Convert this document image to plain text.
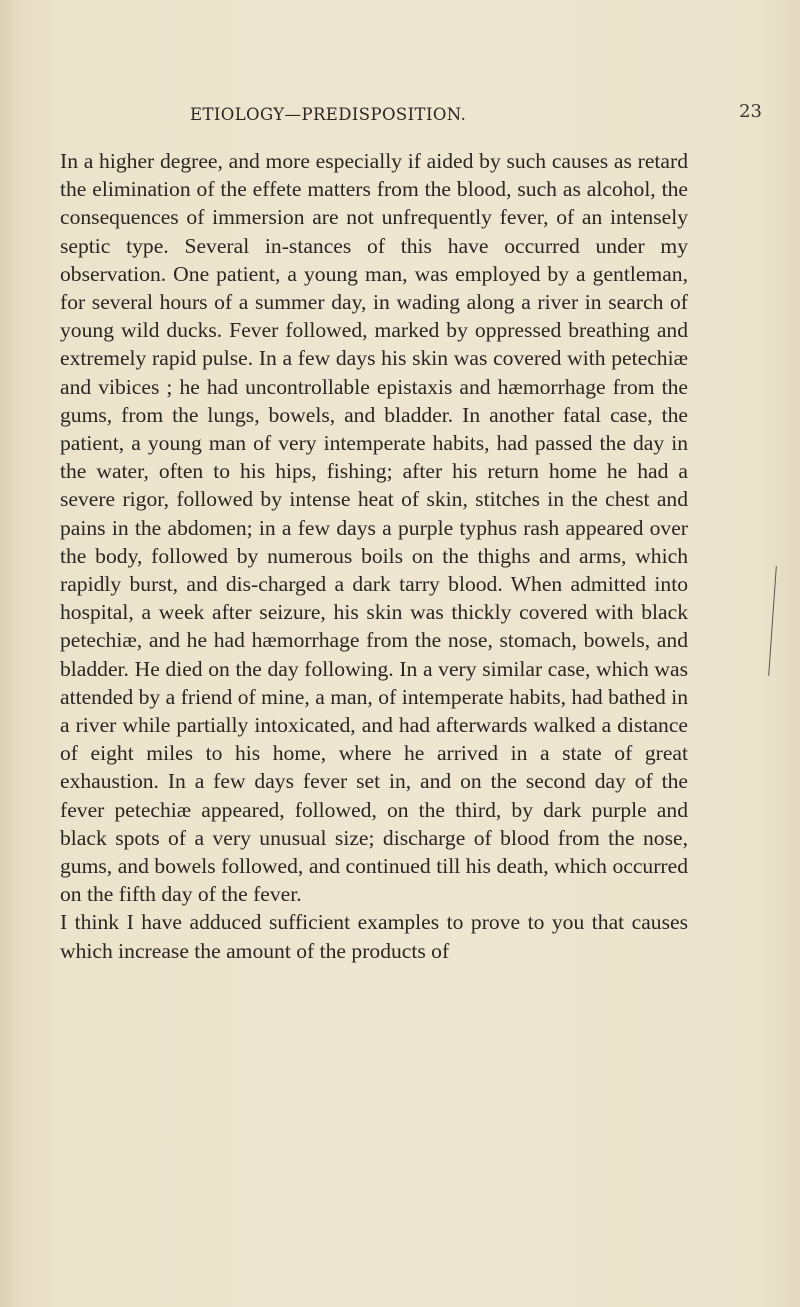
ETIOLOGY—PREDISPOSITION.	23

In a higher degree, and more especially if aided by such causes as retard the elimination of the effete matters from the blood, such as alcohol, the consequences of immersion are not unfrequently fever, of an intensely septic type. Several in-stances of this have occurred under my observation. One patient, a young man, was employed by a gentleman, for several hours of a summer day, in wading along a river in search of young wild ducks. Fever followed, marked by oppressed breathing and extremely rapid pulse. In a few days his skin was covered with petechiæ and vibices ; he had uncontrollable epistaxis and hæmorrhage from the gums, from the lungs, bowels, and bladder. In another fatal case, the patient, a young man of very intemperate habits, had passed the day in the water, often to his hips, fishing; after his return home he had a severe rigor, followed by intense heat of skin, stitches in the chest and pains in the abdomen; in a few days a purple typhus rash appeared over the body, followed by numerous boils on the thighs and arms, which rapidly burst, and dis-charged a dark tarry blood. When admitted into hospital, a week after seizure, his skin was thickly covered with black petechiæ, and he had hæmorrhage from the nose, stomach, bowels, and bladder. He died on the day following. In a very similar case, which was attended by a friend of mine, a man, of intemperate habits, had bathed in a river while partially intoxicated, and had afterwards walked a distance of eight miles to his home, where he arrived in a state of great exhaustion. In a few days fever set in, and on the second day of the fever petechiæ appeared, followed, on the third, by dark purple and black spots of a very unusual size; discharge of blood from the nose, gums, and bowels followed, and continued till his death, which occurred on the fifth day of the fever.

I think I have adduced sufficient examples to prove to you that causes which increase the amount of the products of
